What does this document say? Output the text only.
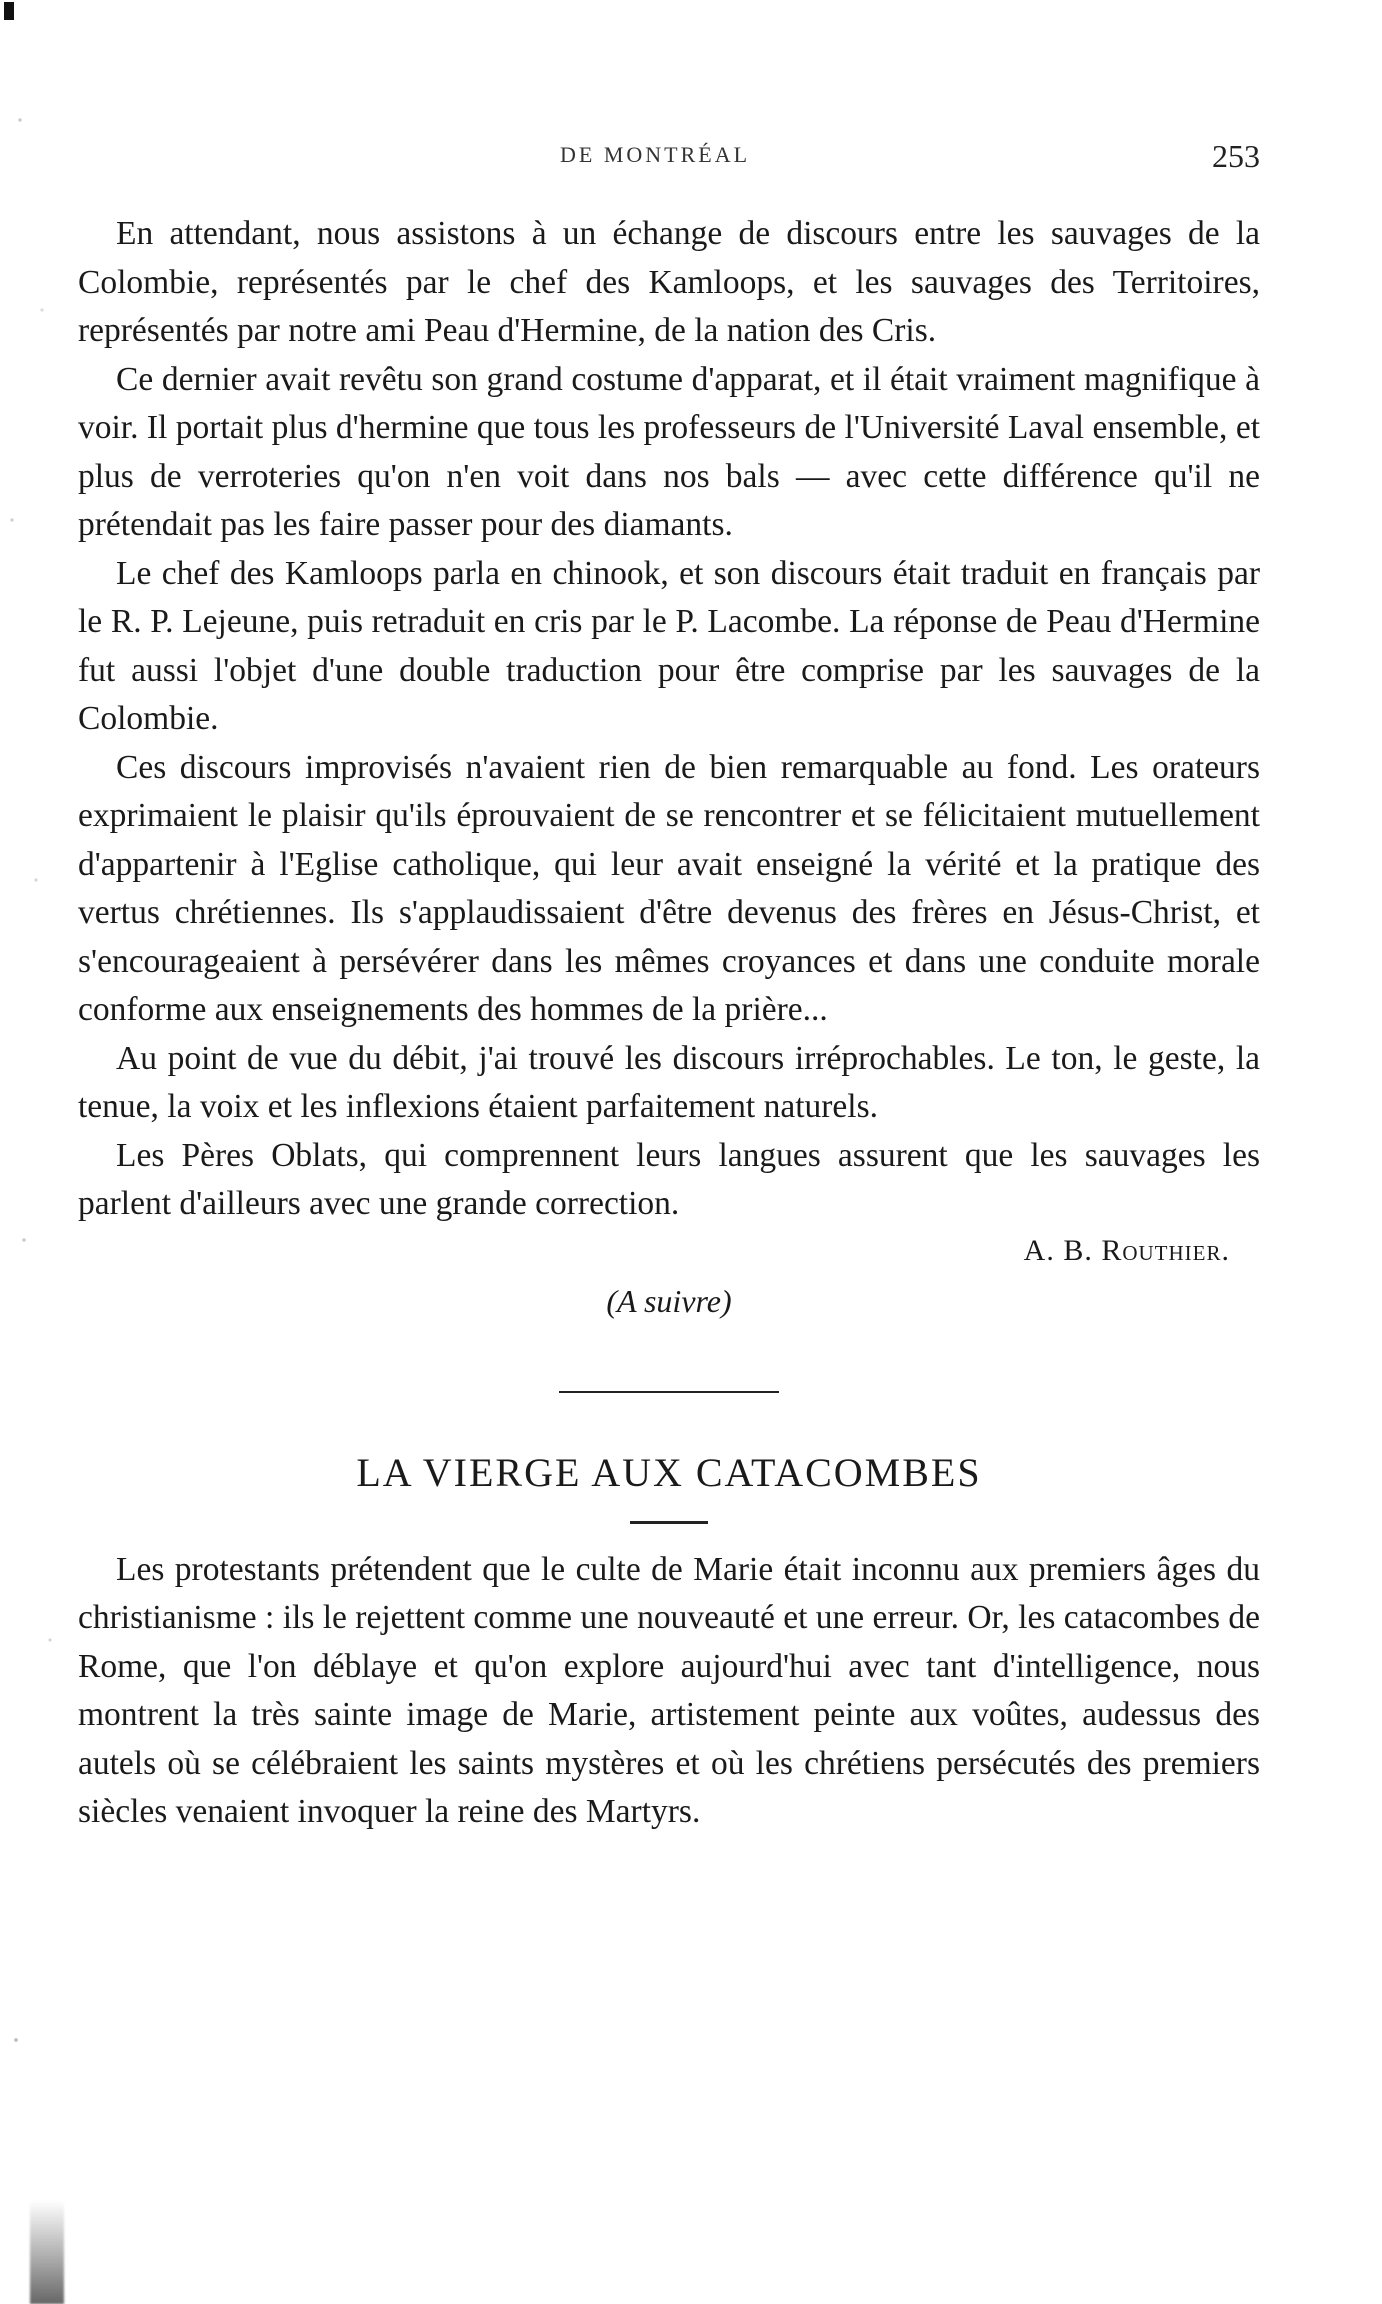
DE MONTRÉAL	253

En attendant, nous assistons à un échange de discours entre les sauvages de la Colombie, représentés par le chef des Kamloops, et les sauvages des Territoires, représentés par notre ami Peau d'Hermine, de la nation des Cris.

Ce dernier avait revêtu son grand costume d'apparat, et il était vraiment magnifique à voir. Il portait plus d'hermine que tous les professeurs de l'Université Laval ensemble, et plus de verroteries qu'on n'en voit dans nos bals — avec cette différence qu'il ne prétendait pas les faire passer pour des diamants.

Le chef des Kamloops parla en chinook, et son discours était traduit en français par le R. P. Lejeune, puis retraduit en cris par le P. Lacombe. La réponse de Peau d'Hermine fut aussi l'objet d'une double traduction pour être comprise par les sauvages de la Colombie.

Ces discours improvisés n'avaient rien de bien remarquable au fond. Les orateurs exprimaient le plaisir qu'ils éprouvaient de se rencontrer et se félicitaient mutuellement d'appartenir à l'Eglise catholique, qui leur avait enseigné la vérité et la pratique des vertus chrétiennes. Ils s'applaudissaient d'être devenus des frères en Jésus-Christ, et s'encourageaient à persévérer dans les mêmes croyances et dans une conduite morale conforme aux enseignements des hommes de la prière...

Au point de vue du débit, j'ai trouvé les discours irréprochables. Le ton, le geste, la tenue, la voix et les inflexions étaient parfaitement naturels.

Les Pères Oblats, qui comprennent leurs langues assurent que les sauvages les parlent d'ailleurs avec une grande correction.

A. B. Routhier.

(A suivre)

LA VIERGE AUX CATACOMBES

Les protestants prétendent que le culte de Marie était inconnu aux premiers âges du christianisme : ils le rejettent comme une nouveauté et une erreur. Or, les catacombes de Rome, que l'on déblaye et qu'on explore aujourd'hui avec tant d'intelligence, nous montrent la très sainte image de Marie, artistement peinte aux voûtes, audessus des autels où se célébraient les saints mystères et où les chrétiens persécutés des premiers siècles venaient invoquer la reine des Martyrs.
